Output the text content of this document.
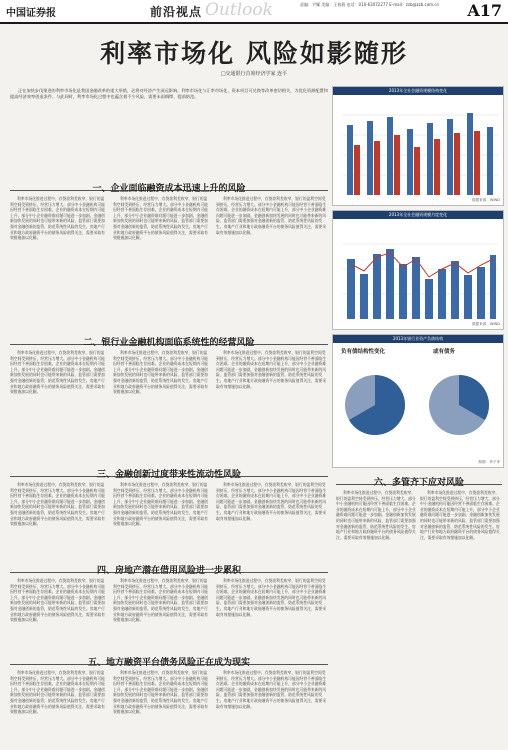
中国证券报	前沿视点 Outlook	责编：尹耀 美编：王春燕 电话：010-63072277 E-mail：zzb@zzb.com.cn	A17
利率市场化 风险如影随形
□交通银行首席经济学家 连平
正在加快步伐推进的利率市场化是我国金融改革的重大举措，必将对经济产生深远影响。利率市场化与汇率市场化、资本项目可兑换等改革密切相关，为优化资源配置和提高经济效率创造条件。与此同时，利率市场化过程中也蕴含着不少风险，需要未雨绸缪，提前防范。
2013年全社会融资规模结构变化
数据来源：WIND
2013年全社会融资规模月度变化
数据来源：WIND
一、企业面临融资成本迅速上升的风险
利率市场化推进过程中，存贷款利差收窄，银行的盈利空间受到挤压，经营压力增大。部分中小金融机构可能因经营不善面临生存困难。企业的融资成本在短期内可能上升，部分中小企业融资难问题可能进一步加剧。金融创新加快发展的同时也可能带来新的风险，监管部门需要加强对金融创新的监管，防范系统性风险的发生。房地产行业和地方政府融资平台的债务风险值得关注，需要采取有效措施加以化解。
利率市场化推进过程中，存贷款利差收窄，银行的盈利空间受到挤压，经营压力增大。部分中小金融机构可能因经营不善面临生存困难。企业的融资成本在短期内可能上升，部分中小企业融资难问题可能进一步加剧。金融创新加快发展的同时也可能带来新的风险，监管部门需要加强对金融创新的监管，防范系统性风险的发生。房地产行业和地方政府融资平台的债务风险值得关注，需要采取有效措施加以化解。
利率市场化推进过程中，存贷款利差收窄，银行的盈利空间受到挤压，经营压力增大。部分中小金融机构可能因经营不善面临生存困难。企业的融资成本在短期内可能上升，部分中小企业融资难问题可能进一步加剧。金融创新加快发展的同时也可能带来新的风险，监管部门需要加强对金融创新的监管，防范系统性风险的发生。房地产行业和地方政府融资平台的债务风险值得关注，需要采取有效措施加以化解。
二、银行业金融机构面临系统性的经营风险
利率市场化推进过程中，存贷款利差收窄，银行的盈利空间受到挤压，经营压力增大。部分中小金融机构可能因经营不善面临生存困难。企业的融资成本在短期内可能上升，部分中小企业融资难问题可能进一步加剧。金融创新加快发展的同时也可能带来新的风险，监管部门需要加强对金融创新的监管，防范系统性风险的发生。房地产行业和地方政府融资平台的债务风险值得关注，需要采取有效措施加以化解。
利率市场化推进过程中，存贷款利差收窄，银行的盈利空间受到挤压，经营压力增大。部分中小金融机构可能因经营不善面临生存困难。企业的融资成本在短期内可能上升，部分中小企业融资难问题可能进一步加剧。金融创新加快发展的同时也可能带来新的风险，监管部门需要加强对金融创新的监管，防范系统性风险的发生。房地产行业和地方政府融资平台的债务风险值得关注，需要采取有效措施加以化解。
利率市场化推进过程中，存贷款利差收窄，银行的盈利空间受到挤压，经营压力增大。部分中小金融机构可能因经营不善面临生存困难。企业的融资成本在短期内可能上升，部分中小企业融资难问题可能进一步加剧。金融创新加快发展的同时也可能带来新的风险，监管部门需要加强对金融创新的监管，防范系统性风险的发生。房地产行业和地方政府融资平台的债务风险值得关注，需要采取有效措施加以化解。
2013年银行业资产负债结构
负有债结构性变化	或有债务
制图：李子李
三、金融创新过度带来性流动性风险
利率市场化推进过程中，存贷款利差收窄，银行的盈利空间受到挤压，经营压力增大。部分中小金融机构可能因经营不善面临生存困难。企业的融资成本在短期内可能上升，部分中小企业融资难问题可能进一步加剧。金融创新加快发展的同时也可能带来新的风险，监管部门需要加强对金融创新的监管，防范系统性风险的发生。房地产行业和地方政府融资平台的债务风险值得关注，需要采取有效措施加以化解。
利率市场化推进过程中，存贷款利差收窄，银行的盈利空间受到挤压，经营压力增大。部分中小金融机构可能因经营不善面临生存困难。企业的融资成本在短期内可能上升，部分中小企业融资难问题可能进一步加剧。金融创新加快发展的同时也可能带来新的风险，监管部门需要加强对金融创新的监管，防范系统性风险的发生。房地产行业和地方政府融资平台的债务风险值得关注，需要采取有效措施加以化解。
利率市场化推进过程中，存贷款利差收窄，银行的盈利空间受到挤压，经营压力增大。部分中小金融机构可能因经营不善面临生存困难。企业的融资成本在短期内可能上升，部分中小企业融资难问题可能进一步加剧。金融创新加快发展的同时也可能带来新的风险，监管部门需要加强对金融创新的监管，防范系统性风险的发生。房地产行业和地方政府融资平台的债务风险值得关注，需要采取有效措施加以化解。
四、房地产潜在借用风险进一步累积
利率市场化推进过程中，存贷款利差收窄，银行的盈利空间受到挤压，经营压力增大。部分中小金融机构可能因经营不善面临生存困难。企业的融资成本在短期内可能上升，部分中小企业融资难问题可能进一步加剧。金融创新加快发展的同时也可能带来新的风险，监管部门需要加强对金融创新的监管，防范系统性风险的发生。房地产行业和地方政府融资平台的债务风险值得关注，需要采取有效措施加以化解。
利率市场化推进过程中，存贷款利差收窄，银行的盈利空间受到挤压，经营压力增大。部分中小金融机构可能因经营不善面临生存困难。企业的融资成本在短期内可能上升，部分中小企业融资难问题可能进一步加剧。金融创新加快发展的同时也可能带来新的风险，监管部门需要加强对金融创新的监管，防范系统性风险的发生。房地产行业和地方政府融资平台的债务风险值得关注，需要采取有效措施加以化解。
利率市场化推进过程中，存贷款利差收窄，银行的盈利空间受到挤压，经营压力增大。部分中小金融机构可能因经营不善面临生存困难。企业的融资成本在短期内可能上升，部分中小企业融资难问题可能进一步加剧。金融创新加快发展的同时也可能带来新的风险，监管部门需要加强对金融创新的监管，防范系统性风险的发生。房地产行业和地方政府融资平台的债务风险值得关注，需要采取有效措施加以化解。
五、地方融资平台债务风险正在成为现实
利率市场化推进过程中，存贷款利差收窄，银行的盈利空间受到挤压，经营压力增大。部分中小金融机构可能因经营不善面临生存困难。企业的融资成本在短期内可能上升，部分中小企业融资难问题可能进一步加剧。金融创新加快发展的同时也可能带来新的风险，监管部门需要加强对金融创新的监管，防范系统性风险的发生。房地产行业和地方政府融资平台的债务风险值得关注，需要采取有效措施加以化解。
利率市场化推进过程中，存贷款利差收窄，银行的盈利空间受到挤压，经营压力增大。部分中小金融机构可能因经营不善面临生存困难。企业的融资成本在短期内可能上升，部分中小企业融资难问题可能进一步加剧。金融创新加快发展的同时也可能带来新的风险，监管部门需要加强对金融创新的监管，防范系统性风险的发生。房地产行业和地方政府融资平台的债务风险值得关注，需要采取有效措施加以化解。
利率市场化推进过程中，存贷款利差收窄，银行的盈利空间受到挤压，经营压力增大。部分中小金融机构可能因经营不善面临生存困难。企业的融资成本在短期内可能上升，部分中小企业融资难问题可能进一步加剧。金融创新加快发展的同时也可能带来新的风险，监管部门需要加强对金融创新的监管，防范系统性风险的发生。房地产行业和地方政府融资平台的债务风险值得关注，需要采取有效措施加以化解。
六、多管齐下应对风险
利率市场化推进过程中，存贷款利差收窄，银行的盈利空间受到挤压，经营压力增大。部分中小金融机构可能因经营不善面临生存困难。企业的融资成本在短期内可能上升，部分中小企业融资难问题可能进一步加剧。金融创新加快发展的同时也可能带来新的风险，监管部门需要加强对金融创新的监管，防范系统性风险的发生。房地产行业和地方政府融资平台的债务风险值得关注，需要采取有效措施加以化解。
利率市场化推进过程中，存贷款利差收窄，银行的盈利空间受到挤压，经营压力增大。部分中小金融机构可能因经营不善面临生存困难。企业的融资成本在短期内可能上升，部分中小企业融资难问题可能进一步加剧。金融创新加快发展的同时也可能带来新的风险，监管部门需要加强对金融创新的监管，防范系统性风险的发生。房地产行业和地方政府融资平台的债务风险值得关注，需要采取有效措施加以化解。
